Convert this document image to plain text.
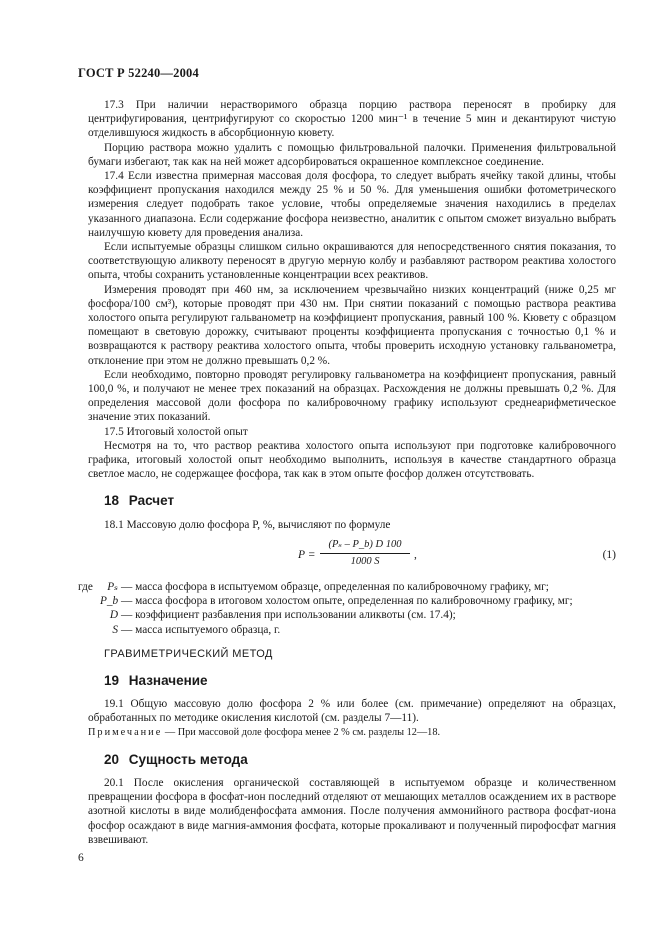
ГОСТ Р 52240—2004

17.3 При наличии нерастворимого образца порцию раствора переносят в пробирку для центрифугирования, центрифугируют со скоростью 1200 мин⁻¹ в течение 5 мин и декантируют чистую отделившуюся жидкость в абсорбционную кювету.

Порцию раствора можно удалить с помощью фильтровальной палочки. Применения фильтровальной бумаги избегают, так как на ней может адсорбироваться окрашенное комплексное соединение.

17.4 Если известна примерная массовая доля фосфора, то следует выбрать ячейку такой длины, чтобы коэффициент пропускания находился между 25 % и 50 %. Для уменьшения ошибки фотометрического измерения следует подобрать такое условие, чтобы определяемые значения находились в пределах указанного диапазона. Если содержание фосфора неизвестно, аналитик с опытом сможет визуально выбрать наилучшую кювету для проведения анализа.

Если испытуемые образцы слишком сильно окрашиваются для непосредственного снятия показания, то соответствующую аликвоту переносят в другую мерную колбу и разбавляют раствором реактива холостого опыта, чтобы сохранить установленные концентрации всех реактивов.

Измерения проводят при 460 нм, за исключением чрезвычайно низких концентраций (ниже 0,25 мг фосфора/100 см³), которые проводят при 430 нм. При снятии показаний с помощью раствора реактива холостого опыта регулируют гальванометр на коэффициент пропускания, равный 100 %. Кювету с образцом помещают в световую дорожку, считывают проценты коэффициента пропускания с точностью 0,1 % и возвращаются к раствору реактива холостого опыта, чтобы проверить исходную установку гальванометра, отклонение при этом не должно превышать 0,2 %.

Если необходимо, повторно проводят регулировку гальванометра на коэффициент пропускания, равный 100,0 %, и получают не менее трех показаний на образцах. Расхождения не должны превышать 0,2 %. Для определения массовой доли фосфора по калибровочному графику используют среднеарифметическое значение этих показаний.

17.5 Итоговый холостой опыт

Несмотря на то, что раствор реактива холостого опыта используют при подготовке калибровочного графика, итоговый холостой опыт необходимо выполнить, используя в качестве стандартного образца светлое масло, не содержащее фосфора, так как в этом опыте фосфор должен отсутствовать.

18 Расчет

18.1 Массовую долю фосфора P, %, вычисляют по формуле

$P = \frac{\text{(Pₛ – P\_b) D 100}}{1000 S}$ ,	(1)
где	Pₛ — масса фосфора в испытуемом образце, определенная по калибровочному графику, мг;
P_b — масса фосфора в итоговом холостом опыте, определенная по калибровочному графику, мг;
D — коэффициент разбавления при использовании аликвоты (см. 17.4);
S — масса испытуемого образца, г.
ГРАВИМЕТРИЧЕСКИЙ МЕТОД
19 Назначение

19.1 Общую массовую долю фосфора 2 % или более (см. примечание) определяют на образцах, обработанных по методике окисления кислотой (см. разделы 7—11).

Примечание — При массовой доле фосфора менее 2 % см. разделы 12—18.

20 Сущность метода

20.1 После окисления органической составляющей в испытуемом образце и количественном превращении фосфора в фосфат-ион последний отделяют от мешающих металлов осаждением их в растворе азотной кислоты в виде молибденфосфата аммония. После получения аммонийного раствора фосфат-иона фосфор осаждают в виде магния-аммония фосфата, которые прокаливают и полученный пирофосфат магния взвешивают.

6
